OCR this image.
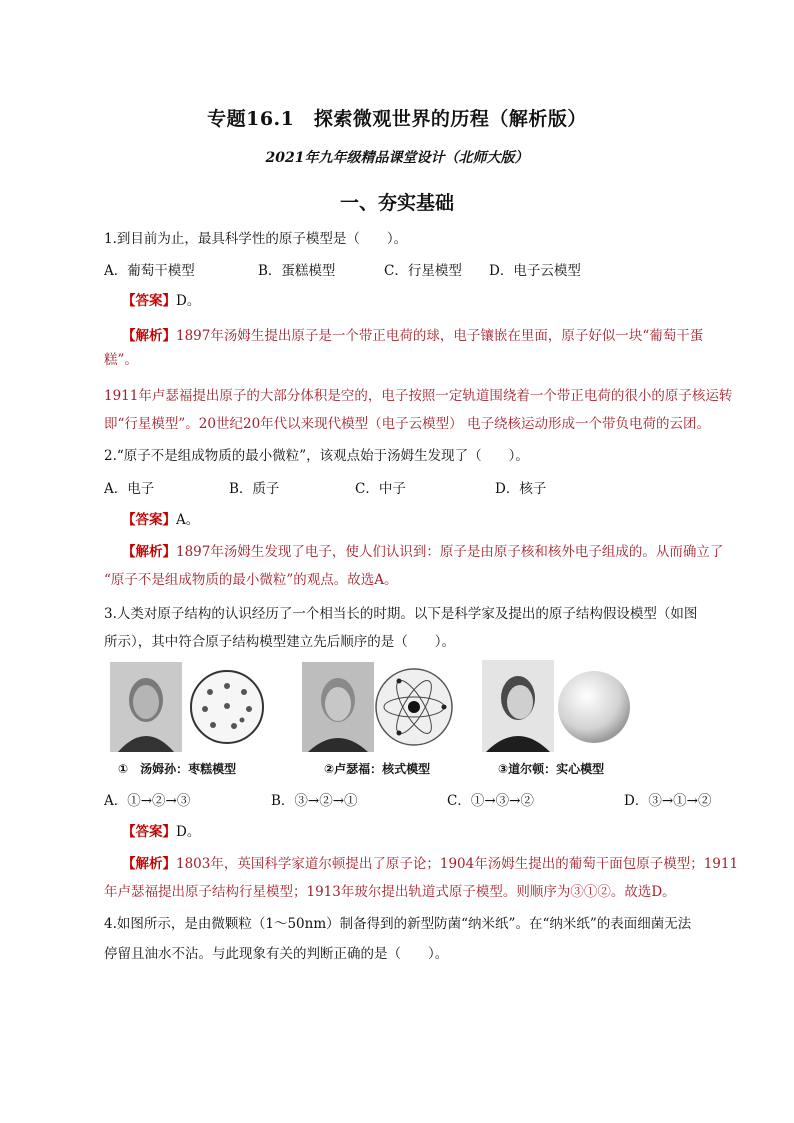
专题16.1　探索微观世界的历程（解析版）
2021年九年级精品课堂设计（北师大版）
一、夯实基础
1.到目前为止，最具科学性的原子模型是（　　）。
A．葡萄干模型	B．蛋糕模型	C．行星模型 D．电子云模型
【答案】D。
【解析】1897年汤姆生提出原子是一个带正电荷的球，电子镶嵌在里面，原子好似一块“葡萄干蛋
糕”。
1911年卢瑟福提出原子的大部分体积是空的，电子按照一定轨道围绕着一个带正电荷的很小的原子核运转
即“行星模型”。20世纪20年代以来现代模型（电子云模型） 电子绕核运动形成一个带负电荷的云团。
2.“原子不是组成物质的最小微粒”，该观点始于汤姆生发现了（　　）。
A．电子	B．质子	C．中子	D．核子
【答案】A。
【解析】1897年汤姆生发现了电子，使人们认识到：原子是由原子核和核外电子组成的。从而确立了
“原子不是组成物质的最小微粒”的观点。故选A。
3.人类对原子结构的认识经历了一个相当长的时期。以下是科学家及提出的原子结构假设模型（如图
所示），其中符合原子结构模型建立先后顺序的是（　　）。
①　汤姆孙：枣糕模型	②卢瑟福：核式模型	③道尔顿：实心模型
A．①→②→③	B．③→②→①	C．①→③→②	D．③→①→②
【答案】D。
【解析】1803年，英国科学家道尔顿提出了原子论；1904年汤姆生提出的葡萄干面包原子模型；1911
年卢瑟福提出原子结构行星模型；1913年玻尔提出轨道式原子模型。则顺序为③①②。故选D。
4.如图所示，是由微颗粒（1～50nm）制备得到的新型防菌“纳米纸”。在“纳米纸”的表面细菌无法
停留且油水不沾。与此现象有关的判断正确的是（　　）。
